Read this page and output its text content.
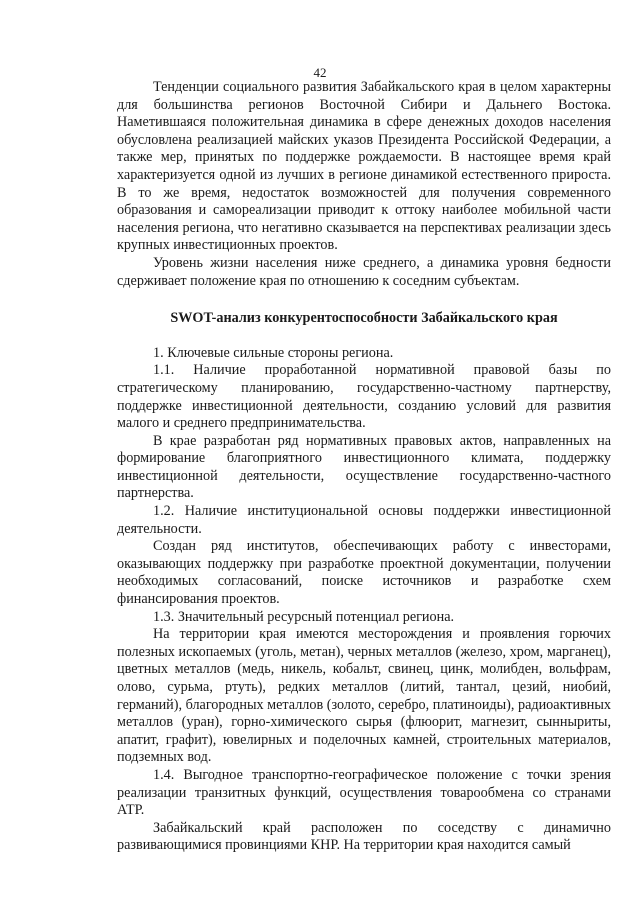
42

Тенденции социального развития Забайкальского края в целом характерны для большинства регионов Восточной Сибири и Дальнего Востока. Наметившаяся положительная динамика в сфере денежных доходов населения обусловлена реализацией майских указов Президента Российской Федерации, а также мер, принятых по поддержке рождаемости. В настоящее время край характеризуется одной из лучших в регионе динамикой естественного прироста. В то же время, недостаток возможностей для получения современного образования и самореализации приводит к оттоку наиболее мобильной части населения региона, что негативно сказывается на перспективах реализации здесь крупных инвестиционных проектов.

Уровень жизни населения ниже среднего, а динамика уровня бедности сдерживает положение края по отношению к соседним субъектам.

SWOT-анализ конкурентоспособности Забайкальского края

1. Ключевые сильные стороны региона.

1.1. Наличие проработанной нормативной правовой базы по стратегическому планированию, государственно-частному партнерству, поддержке инвестиционной деятельности, созданию условий для развития малого и среднего предпринимательства.

В крае разработан ряд нормативных правовых актов, направленных на формирование благоприятного инвестиционного климата, поддержку инвестиционной деятельности, осуществление государственно-частного партнерства.

1.2. Наличие институциональной основы поддержки инвестиционной деятельности.

Создан ряд институтов, обеспечивающих работу с инвесторами, оказывающих поддержку при разработке проектной документации, получении необходимых согласований, поиске источников и разработке схем финансирования проектов.

1.3. Значительный ресурсный потенциал региона.

На территории края имеются месторождения и проявления горючих полезных ископаемых (уголь, метан), черных металлов (железо, хром, марганец), цветных металлов (медь, никель, кобальт, свинец, цинк, молибден, вольфрам, олово, сурьма, ртуть), редких металлов (литий, тантал, цезий, ниобий, германий), благородных металлов (золото, серебро, платиноиды), радиоактивных металлов (уран), горно-химического сырья (флюорит, магнезит, сынныриты, апатит, графит), ювелирных и поделочных камней, строительных материалов, подземных вод.

1.4. Выгодное транспортно-географическое положение с точки зрения реализации транзитных функций, осуществления товарообмена со странами АТР.

Забайкальский край расположен по соседству с динамично развивающимися провинциями КНР. На территории края находится самый
